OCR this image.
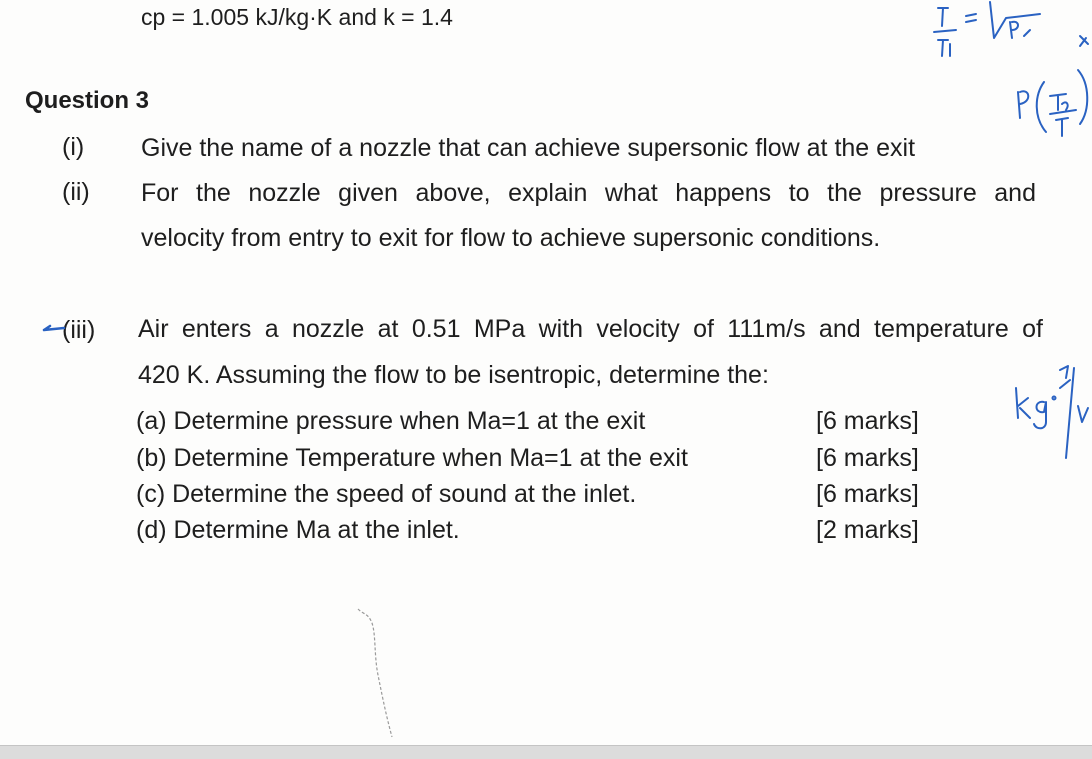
cp = 1.005 kJ/kg·K and k = 1.4
Question 3
(i) Give the name of a nozzle that can achieve supersonic flow at the exit
(ii) For the nozzle given above, explain what happens to the pressure and
velocity from entry to exit for flow to achieve supersonic conditions.
(iii) Air enters a nozzle at 0.51 MPa with velocity of 111m/s and temperature of
420 K. Assuming the flow to be isentropic, determine the:
(a) Determine pressure when Ma=1 at the exit	[6 marks]
(b) Determine Temperature when Ma=1 at the exit	[6 marks]
(c) Determine the speed of sound at the inlet.	[6 marks]
(d) Determine Ma at the inlet.	[2 marks]
